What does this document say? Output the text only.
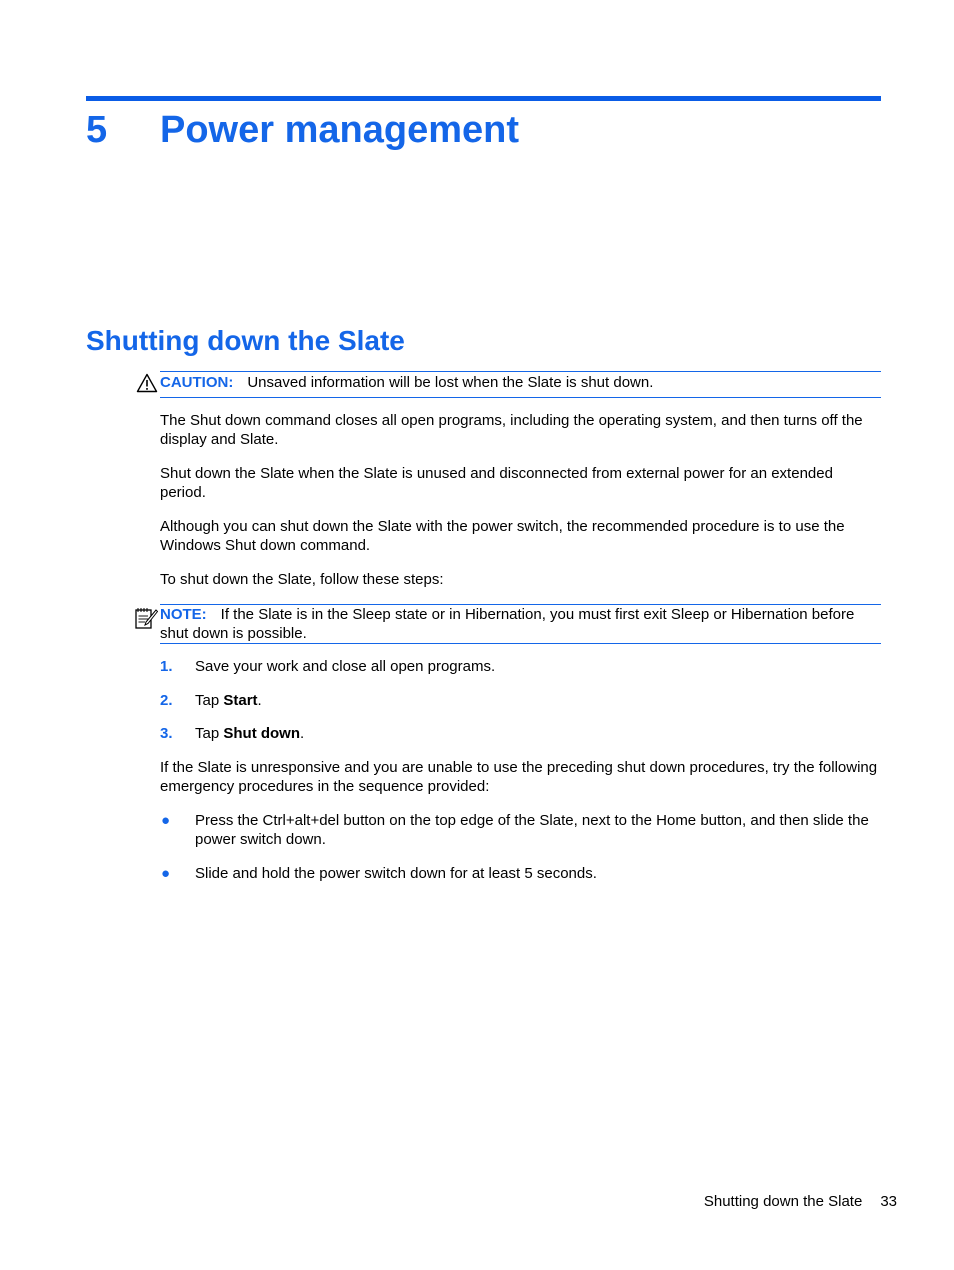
5 Power management
Shutting down the Slate
CAUTION: Unsaved information will be lost when the Slate is shut down.

The Shut down command closes all open programs, including the operating system, and then turns off the display and Slate.

Shut down the Slate when the Slate is unused and disconnected from external power for an extended period.

Although you can shut down the Slate with the power switch, the recommended procedure is to use the Windows Shut down command.

To shut down the Slate, follow these steps:

NOTE: If the Slate is in the Sleep state or in Hibernation, you must first exit Sleep or Hibernation before shut down is possible.
1. Save your work and close all open programs.
2. Tap Start.
3. Tap Shut down.

If the Slate is unresponsive and you are unable to use the preceding shut down procedures, try the following emergency procedures in the sequence provided:

● Press the Ctrl+alt+del button on the top edge of the Slate, next to the Home button, and then slide the power switch down.
● Slide and hold the power switch down for at least 5 seconds.
Shutting down the Slate 33
